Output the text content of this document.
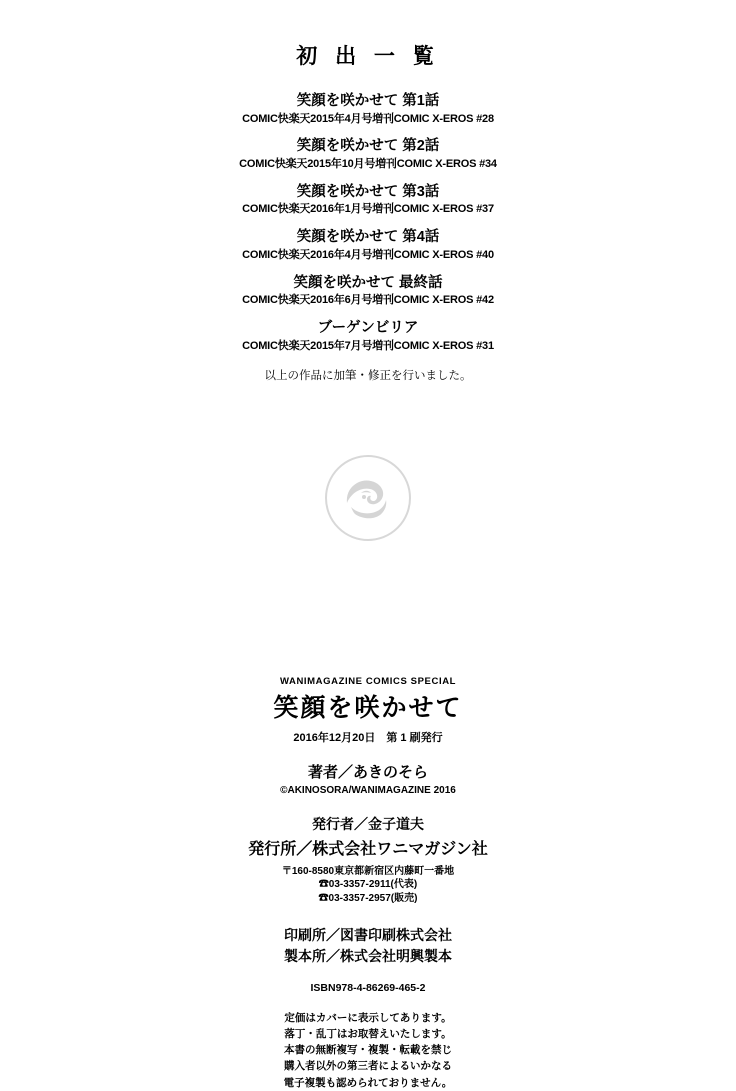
初 出 一 覧
笑顔を咲かせて 第1話
COMIC快楽天2015年4月号増刊COMIC X-EROS #28
笑顔を咲かせて 第2話
COMIC快楽天2015年10月号増刊COMIC X-EROS #34
笑顔を咲かせて 第3話
COMIC快楽天2016年1月号増刊COMIC X-EROS #37
笑顔を咲かせて 第4話
COMIC快楽天2016年4月号増刊COMIC X-EROS #40
笑顔を咲かせて 最終話
COMIC快楽天2016年6月号増刊COMIC X-EROS #42
ブーゲンビリア
COMIC快楽天2015年7月号増刊COMIC X-EROS #31
以上の作品に加筆・修正を行いました。
WANIMAGAZINE COMICS SPECIAL
笑顔を咲かせて
2016年12月20日　第 1 刷発行
著者／あきのそら
©AKINOSORA/WANIMAGAZINE 2016
発行者／金子道夫
発行所／株式会社ワニマガジン社
〒160-8580東京都新宿区内藤町一番地
☎03-3357-2911(代表)
☎03-3357-2957(販売)
印刷所／図書印刷株式会社
製本所／株式会社明興製本
ISBN978-4-86269-465-2
定価はカバーに表示してあります。
落丁・乱丁はお取替えいたします。
本書の無断複写・複製・転載を禁じ
購入者以外の第三者によるいかなる
電子複製も認められておりません。
